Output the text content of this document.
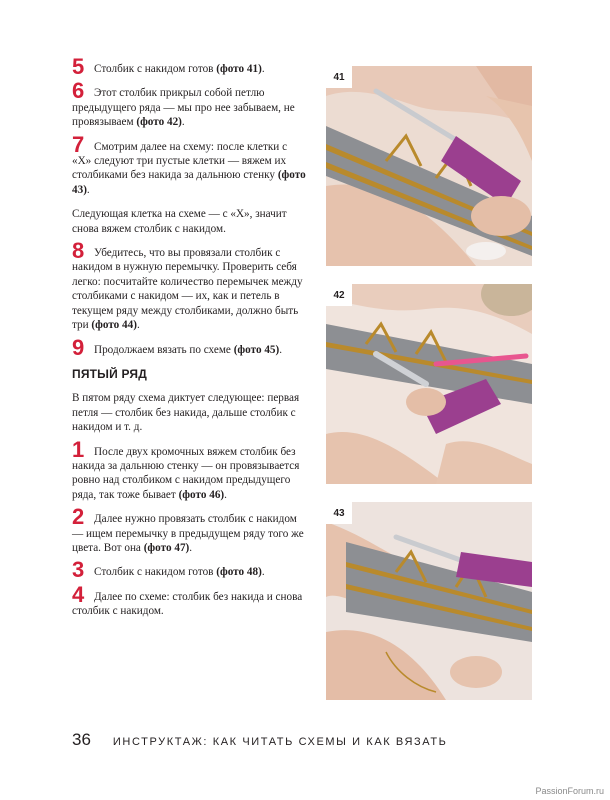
5 Столбик с накидом готов (фото 41).
6 Этот столбик прикрыл собой петлю предыдущего ряда — мы про нее забываем, не провязываем (фото 42).
7 Смотрим далее на схему: после клетки с «Х» следуют три пустые клетки — вяжем их столбиками без накида за дальнюю стенку (фото 43).

Следующая клетка на схеме — с «Х», значит снова вяжем столбик с накидом.

8 Убедитесь, что вы провязали столбик с накидом в нужную перемычку. Проверить себя легко: посчитайте количество перемычек между столбиками с накидом — их, как и петель в текущем ряду между столбиками, должно быть три (фото 44).
9 Продолжаем вязать по схеме (фото 45).
ПЯТЫЙ РЯД

В пятом ряду схема диктует следующее: первая петля — столбик без накида, дальше столбик с накидом и т. д.

1 После двух кромочных вяжем столбик без накида за дальнюю стенку — он провязывается ровно над столбиком с накидом предыдущего ряда, так тоже бывает (фото 46).
2 Далее нужно провязать столбик с накидом — ищем перемычку в предыдущем ряду того же цвета. Вот она (фото 47).
3 Столбик с накидом готов (фото 48).
4 Далее по схеме: столбик без накида и снова столбик с накидом.
41
42
43
36 ИНСТРУКТАЖ: КАК ЧИТАТЬ СХЕМЫ И КАК ВЯЗАТЬ
PassionForum.ru
